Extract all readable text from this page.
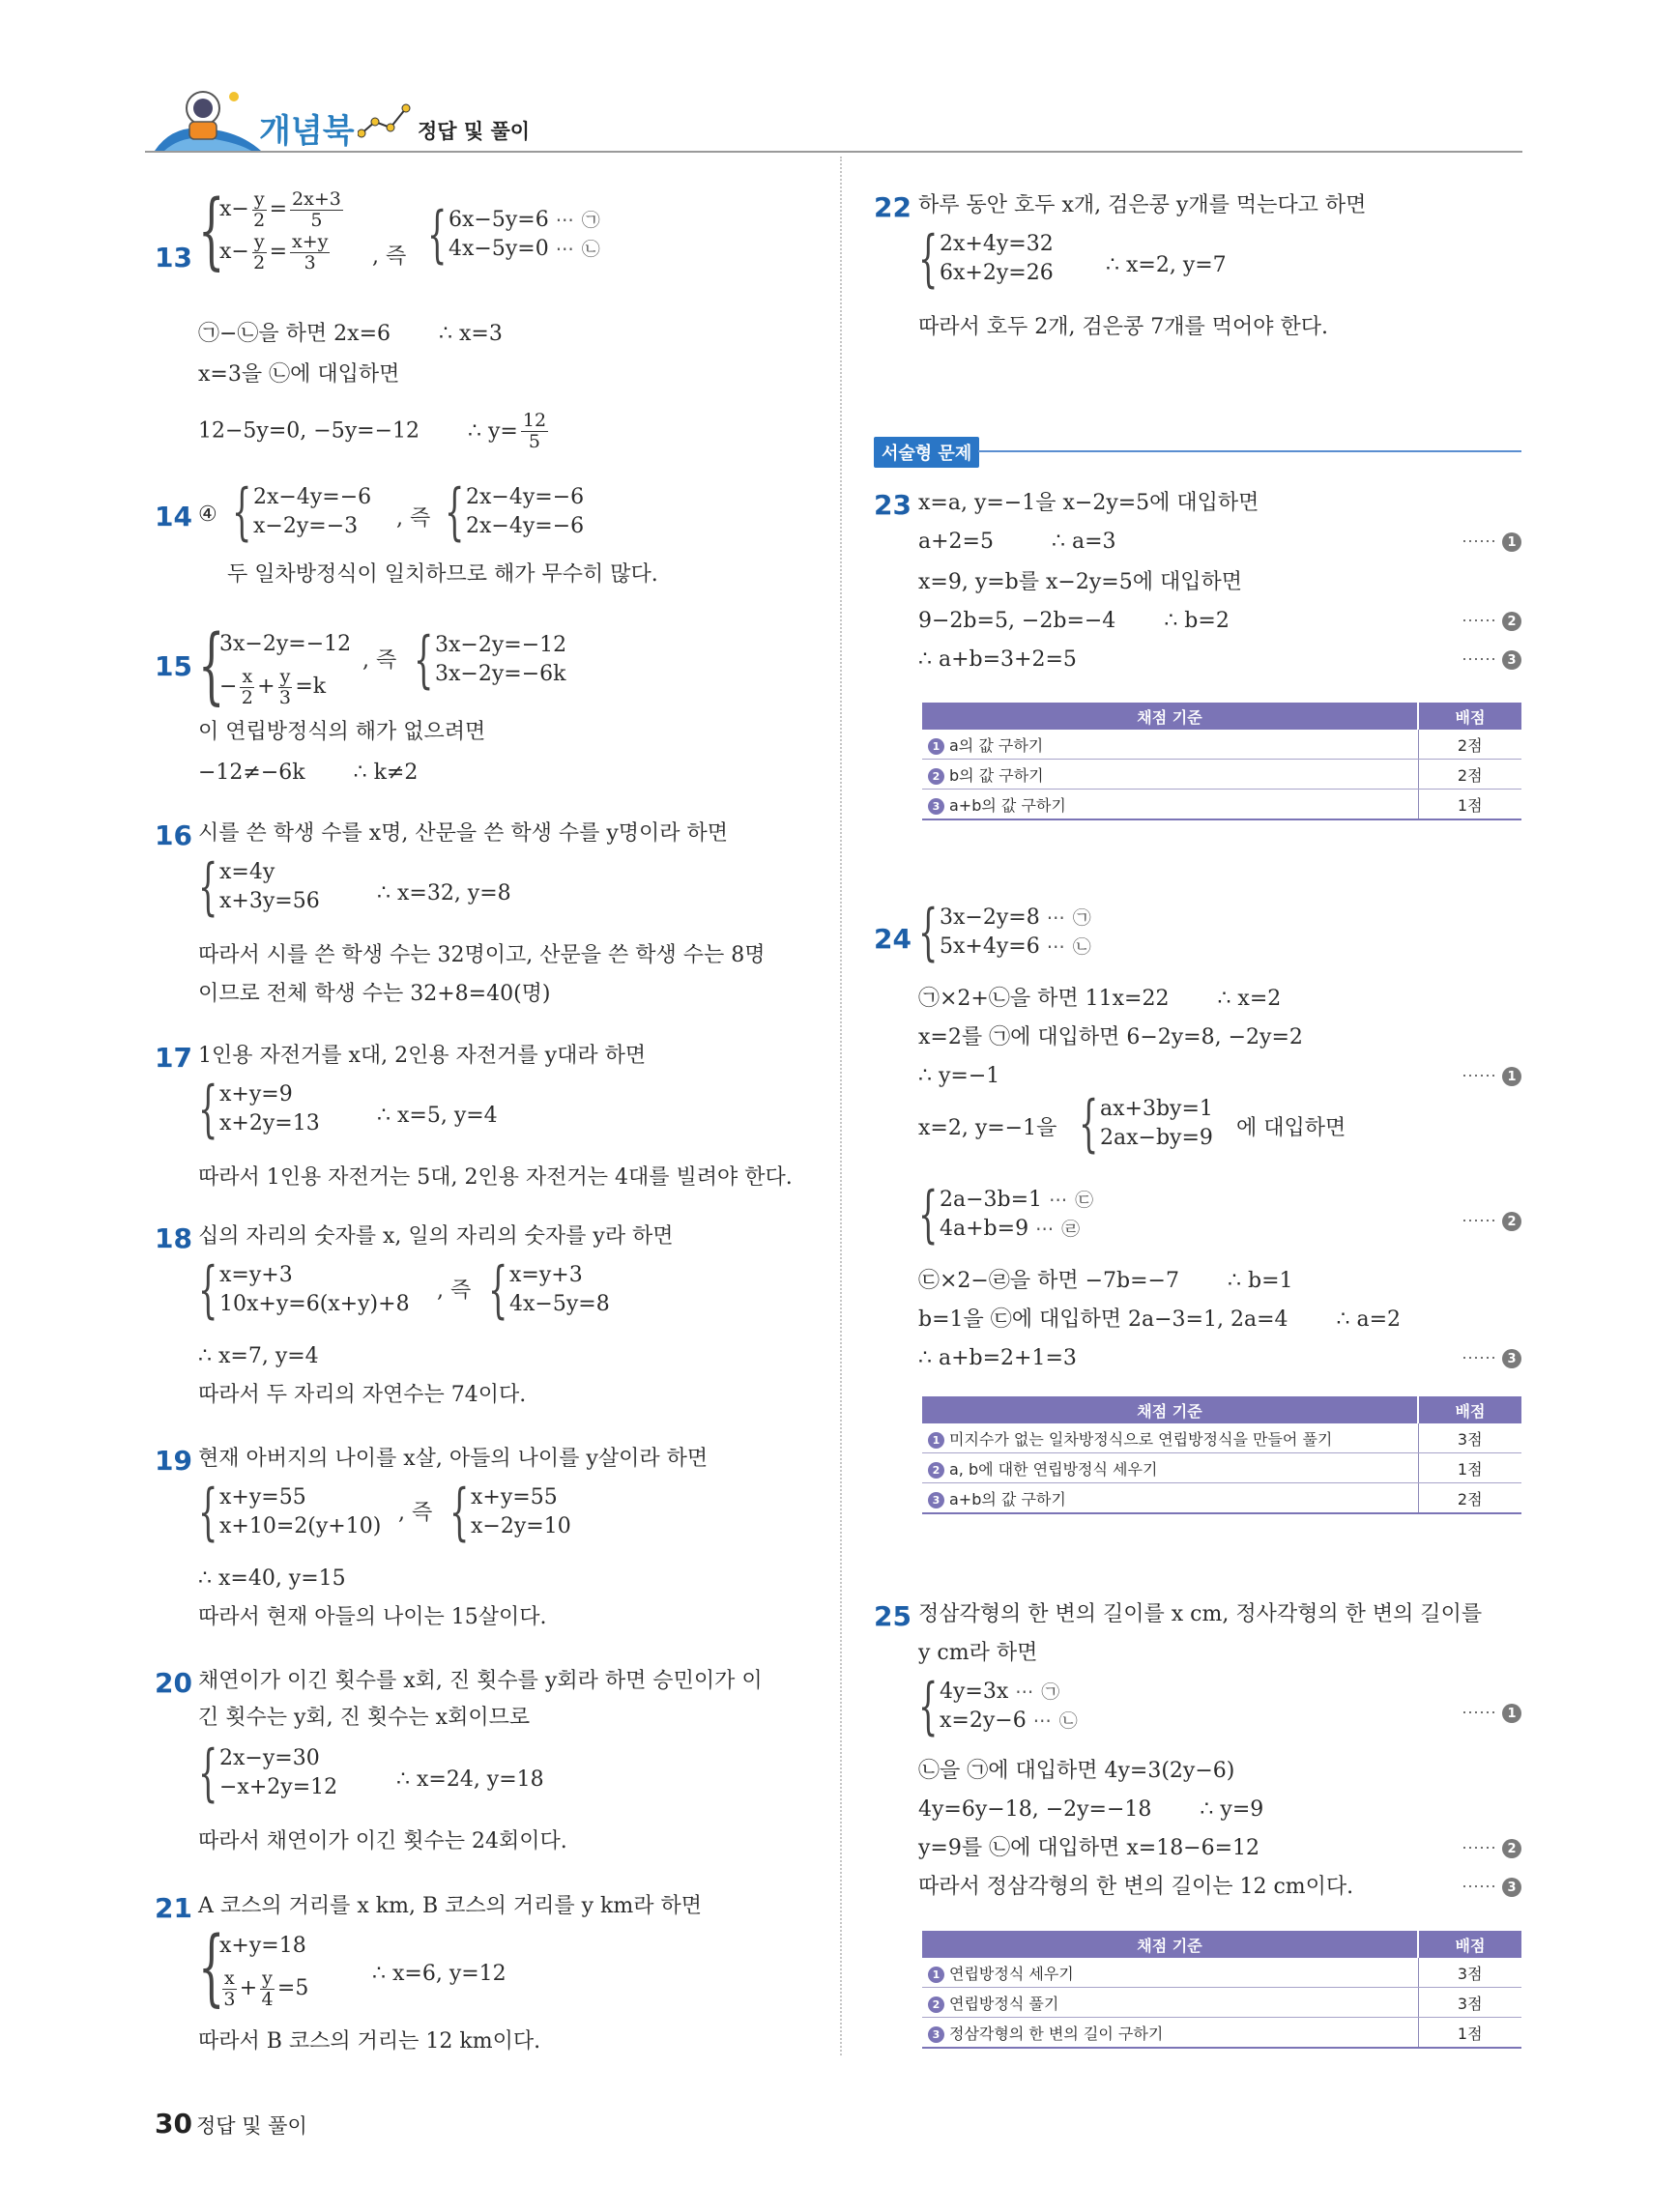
개념북	정답 및 풀이
13 {
$x- \frac{y}{2} = \frac{2x+3}{5}$
$x- \frac{y}{2} = \frac{x+y}{3}$ , 즉 { 6x−5y=6 ⋯ ㉠
4x−5y=0 ⋯ ㉡
㉠−㉡을 하면 2x=6 ∴ x=3
x=3을 ㉡에 대입하면
12−5y=0, −5y=−12 ∴ $y= \frac{12}{5}$
14 ④ { 2x−4y=−6
x−2y=−3	, 즉 { 2x−4y=−6
2x−4y=−6
두 일차방정식이 일치하므로 해가 무수히 많다.
15 {
3x−2y=−12
− $\frac{x}{2} + \frac{y}{3} =k$
, 즉 { 3x−2y=−12
3x−2y=−6k
이 연립방정식의 해가 없으려면
−12≠−6k ∴ k≠2
16 시를 쓴 학생 수를 x명, 산문을 쓴 학생 수를 y명이라 하면
{ x=4y
x+3y=56	∴ x=32, y=8
따라서 시를 쓴 학생 수는 32명이고, 산문을 쓴 학생 수는 8명
이므로 전체 학생 수는 32+8=40(명)
17 1인용 자전거를 x대, 2인용 자전거를 y대라 하면
{ x+y=9
x+2y=13	∴ x=5, y=4
따라서 1인용 자전거는 5대, 2인용 자전거는 4대를 빌려야 한다.
18 십의 자리의 숫자를 x, 일의 자리의 숫자를 y라 하면
{ x=y+3
10x+y=6(x+y)+8
, 즉 { x=y+3
4x−5y=8
∴ x=7, y=4
따라서 두 자리의 자연수는 74이다.
19 현재 아버지의 나이를 x살, 아들의 나이를 y살이라 하면
{ x+y=55
x+10=2(y+10)
, 즉 { x+y=55
x−2y=10
∴ x=40, y=15
따라서 현재 아들의 나이는 15살이다.
20 채연이가 이긴 횟수를 x회, 진 횟수를 y회라 하면 승민이가 이
긴 횟수는 y회, 진 횟수는 x회이므로
{ 2x−y=30
−x+2y=12	∴ x=24, y=18
따라서 채연이가 이긴 횟수는 24회이다.
21 A 코스의 거리를 x km, B 코스의 거리를 y km라 하면
{
x+y=18
$\frac{x}{3} + \frac{y}{4} =5$
∴ x=6, y=12
따라서 B 코스의 거리는 12 km이다.
22 하루 동안 호두 x개, 검은콩 y개를 먹는다고 하면
{ 2x+4y=32
6x+2y=26 ∴ x=2, y=7
따라서 호두 2개, 검은콩 7개를 먹어야 한다.
서술형 문제
23 x=a, y=−1을 x−2y=5에 대입하면
a+2=5	∴ a=3	⋯⋯ 1
x=9, y=b를 x−2y=5에 대입하면
9−2b=5, −2b=−4 ∴ b=2	⋯⋯ 2
∴ a+b=3+2=5	⋯⋯ 3
채점 기준	배점
1 a의 값 구하기	2점
2 b의 값 구하기	2점
3 a+b의 값 구하기	1점
24 { 3x−2y=8 ⋯ ㉠
5x+4y=6 ⋯ ㉡
㉠×2+㉡을 하면 11x=22 ∴ x=2
x=2를 ㉠에 대입하면 6−2y=8, −2y=2
∴ y=−1	⋯⋯ 1
x=2, y=−1을 { ax+3by=1
2ax−by=9 에 대입하면
{ 2a−3b=1 ⋯ ㉢
4a+b=9 ⋯ ㉣	⋯⋯ 2
㉢×2−㉣을 하면 −7b=−7 ∴ b=1
b=1을 ㉢에 대입하면 2a−3=1, 2a=4 ∴ a=2
∴ a+b=2+1=3	⋯⋯ 3
채점 기준	배점
1 미지수가 없는 일차방정식으로 연립방정식을 만들어 풀기	3점
2 a, b에 대한 연립방정식 세우기	1점
3 a+b의 값 구하기	2점
25 정삼각형의 한 변의 길이를 x cm, 정사각형의 한 변의 길이를
y cm라 하면
{ 4y=3x ⋯ ㉠
x=2y−6 ⋯ ㉡	⋯⋯ 1
㉡을 ㉠에 대입하면 4y=3(2y−6)
4y=6y−18, −2y=−18 ∴ y=9
y=9를 ㉡에 대입하면 x=18−6=12	⋯⋯ 2
따라서 정삼각형의 한 변의 길이는 12 cm이다.	⋯⋯ 3
채점 기준	배점
1 연립방정식 세우기	3점
2 연립방정식 풀기	3점
3 정삼각형의 한 변의 길이 구하기	1점
30 정답 및 풀이
